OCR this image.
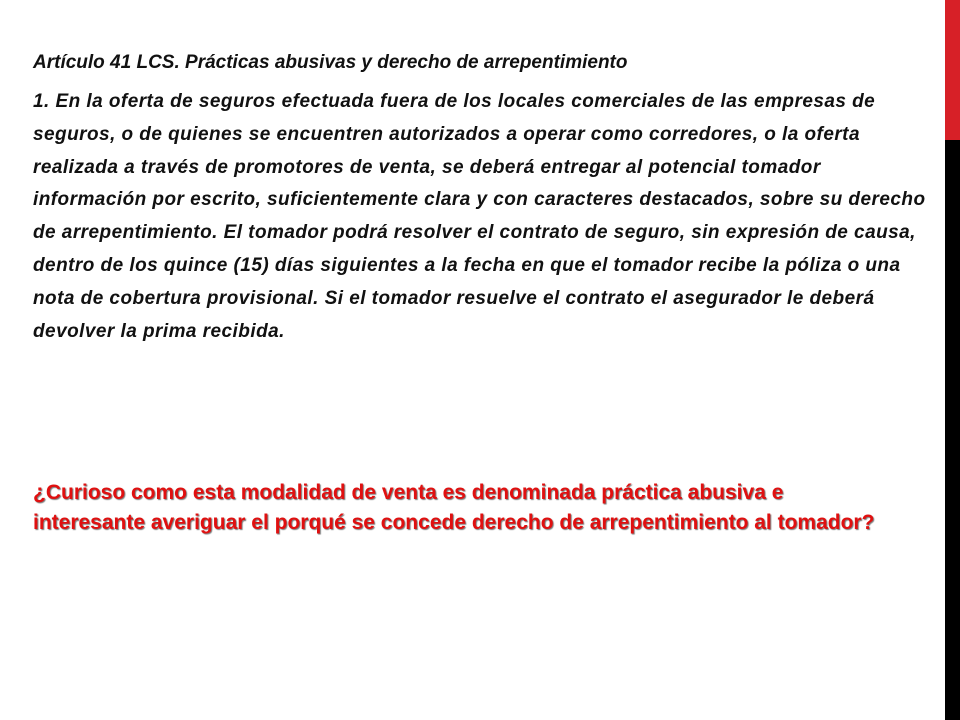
Artículo 41 LCS. Prácticas abusivas y derecho de arrepentimiento

1. En la oferta de seguros efectuada fuera de los locales comerciales de las empresas de seguros, o de quienes se encuentren autorizados a operar como corredores, o la oferta realizada a través de promotores de venta, se deberá entregar al potencial tomador información por escrito, suficientemente clara y con caracteres destacados, sobre su derecho de arrepentimiento. El tomador podrá resolver el contrato de seguro, sin expresión de causa, dentro de los quince (15) días siguientes a la fecha en que el tomador recibe la póliza o una nota de cobertura provisional. Si el tomador resuelve el contrato el asegurador le deberá devolver la prima recibida.

¿Curioso como esta modalidad de venta es denominada práctica abusiva e interesante averiguar el porqué se concede derecho de arrepentimiento al tomador?
